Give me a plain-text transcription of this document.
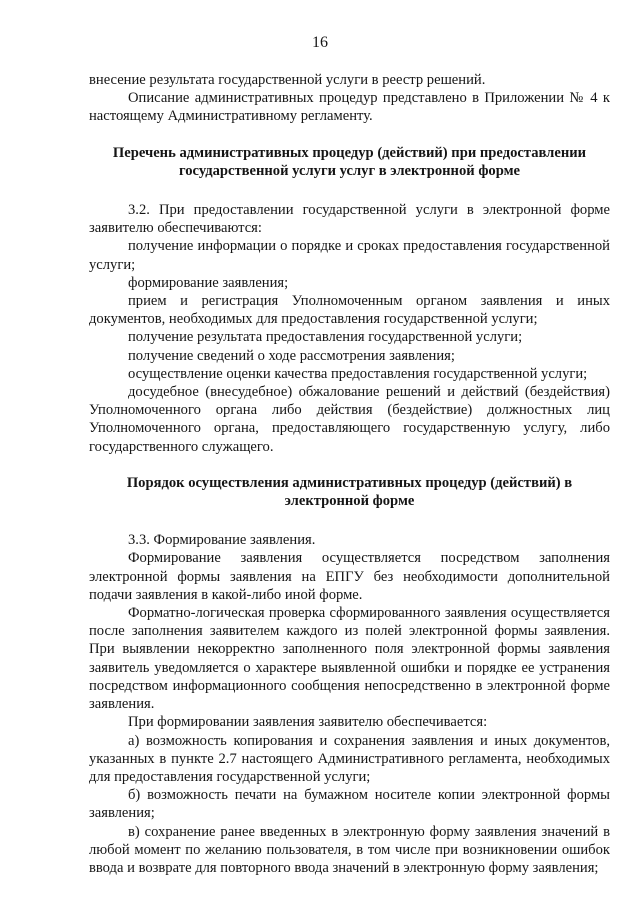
16

внесение результата государственной услуги в реестр решений.

Описание административных процедур представлено в Приложении № 4 к настоящему Административному регламенту.

Перечень административных процедур (действий) при предоставлении государственной услуги услуг в электронной форме

3.2. При предоставлении государственной услуги в электронной форме заявителю обеспечиваются:

получение информации о порядке и сроках предоставления государственной услуги;

формирование заявления;

прием и регистрация Уполномоченным органом заявления и иных документов, необходимых для предоставления государственной услуги;

получение результата предоставления государственной услуги;

получение сведений о ходе рассмотрения заявления;

осуществление оценки качества предоставления государственной услуги;

досудебное (внесудебное) обжалование решений и действий (бездействия) Уполномоченного органа либо действия (бездействие) должностных лиц Уполномоченного органа, предоставляющего государственную услугу, либо государственного служащего.

Порядок осуществления административных процедур (действий) в электронной форме

3.3. Формирование заявления.

Формирование заявления осуществляется посредством заполнения электронной формы заявления на ЕПГУ без необходимости дополнительной подачи заявления в какой-либо иной форме.

Форматно-логическая проверка сформированного заявления осуществляется после заполнения заявителем каждого из полей электронной формы заявления. При выявлении некорректно заполненного поля электронной формы заявления заявитель уведомляется о характере выявленной ошибки и порядке ее устранения посредством информационного сообщения непосредственно в электронной форме заявления.

При формировании заявления заявителю обеспечивается:

а) возможность копирования и сохранения заявления и иных документов, указанных в пункте 2.7 настоящего Административного регламента, необходимых для предоставления государственной услуги;

б) возможность печати на бумажном носителе копии электронной формы заявления;

в) сохранение ранее введенных в электронную форму заявления значений в любой момент по желанию пользователя, в том числе при возникновении ошибок ввода и возврате для повторного ввода значений в электронную форму заявления;
